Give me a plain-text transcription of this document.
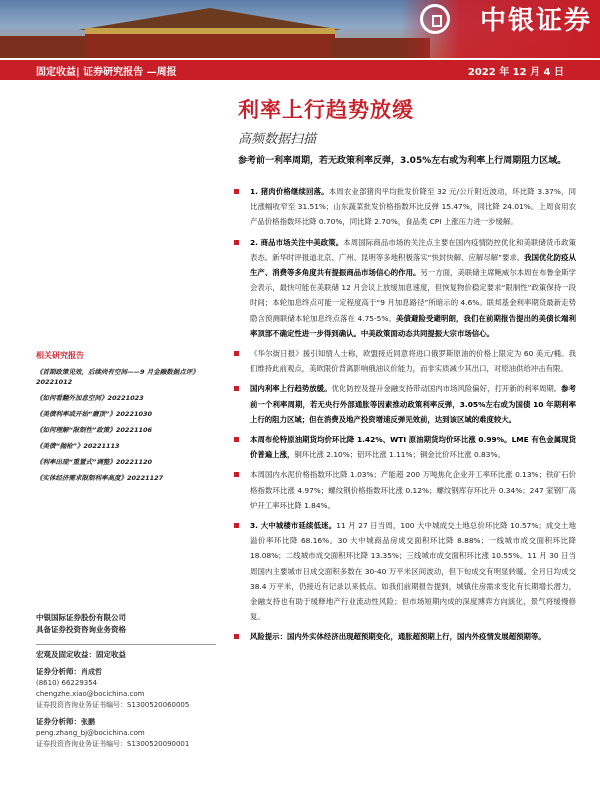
中银证券
固定收益| 证券研究报告 —周报	2022 年 12 月 4 日
利率上行趋势放缓
高频数据扫描
参考前一利率周期，若无政策利率反弹，3.05%左右或为利率上行周期阻力区域。
1. 猪肉价格继续回落。本周农业部猪肉平均批发价降至 32 元/公斤附近波动，环比降 3.37%，同比涨幅收窄至 31.51%；山东蔬菜批发价格指数环比反弹 15.47%，同比降 24.01%。上周食用农产品价格指数环比降 0.70%，同比降 2.70%，食品类 CPI 上涨压力进一步缓解。
2. 商品市场关注中美政策。本周国际商品市场的关注点主要在国内疫情防控优化和美联储货币政策表态。新华时评报道北京、广州、昆明等多地积极落实“快封快解、应解尽解”要求。我国优化防疫从生产、消费等多角度共有提振商品市场信心的作用。另一方面，美联储主席鲍威尔本周在布鲁金斯学会表示，最快可能在美联储 12 月会议上放缓加息速度，但恢复物价稳定要求“限制性”政策保持一段时间；本轮加息终点可能一定程度高于“9 月加息路径”所暗示的 4.6%。联邦基金利率期货最新走势隐含预测联储本轮加息终点落在 4.75-5%。美债避险受避明朗，我们在前期报告提出的美债长端利率顶部不确定性进一步得到确认。中美政策面动态共同提振大宗市场信心。
《华尔街日报》援引知情人士称，欧盟接近同意将进口俄罗斯原油的价格上限定为 60 美元/桶。我们维持此前观点，美欧限价背离影响俄油议价能力，而非实质减少其出口，对原油供给冲击有限。
国内利率上行趋势放缓。优化防控及提升金融支持带动国内市场风险偏好，打开新的利率周期。参考前一个利率周期，若无央行外部通胀等因素推动政策利率反弹，3.05%左右或为国债 10 年期利率上行的阻力区域；但在消费及地产投资增速反弹见效前，达到该区域的难度较大。
本周布伦特原油期货均价环比降 1.42%、WTI 原油期货均价环比涨 0.99%。LME 有色金属现货价普遍上涨，铜环比涨 2.10%；铝环比涨 1.11%；铜金比价环比涨 0.83%。
本周国内水泥价格指数环比降 1.03%；产能超 200 万吨焦化企业开工率环比涨 0.13%；铁矿石价格指数环比涨 4.97%；螺纹钢价格指数环比涨 0.12%；螺纹钢库存环比升 0.34%；247 家钢厂高炉开工率环比降 1.84%。
3. 大中城楼市延续低迷。11 月 27 日当周，100 大中城成交土地总价环比降 10.57%；成交土地溢价率环比降 68.16%。30 大中城商品房成交面积环比降 8.88%；一线城市成交面积环比降 18.08%；二线城市成交面积环比降 13.35%；三线城市成交面积环比涨 10.55%。11 月 30 日当周国内主要城市日成交面积多数在 30-40 万平米区间波动，但下旬成交有明显转暖。全月日均成交 38.4 万平米，仍接近有记录以来低点。如我们前期报告提到，城镇住房需求变化有长期增长潜力，金融支持也有助于缓释地产行业流动性风险；但市场短期内成的深度博弈方向演化，景气将缓慢修复。
风险提示：国内外实体经济出现超预期变化，通胀超预期上行，国内外疫情发展超预期等。
相关研究报告
《首期政策见效，后续尚有空间——9 月金融数据点评》20221012
《如何看翻外加息空间》20221023
《美债利率或开始“磨顶”》20221030
《如何理解“限制性”政策》20221106
《美债“抛枪”》20221113
《利率出现“重置式”调整》20221120
《实体经济需求限制利率高度》20221127
中银国际证券股份有限公司
具备证券投资咨询业务资格
宏观及固定收益：固定收益
证券分析师：肖成哲
(8610) 66229354
chengzhe.xiao@bocichina.com
证券投资咨询业务证书编号：S1300520060005
证券分析师：张鹏
peng.zhang_bj@bocichina.com
证券投资咨询业务证书编号：S1300520090001
